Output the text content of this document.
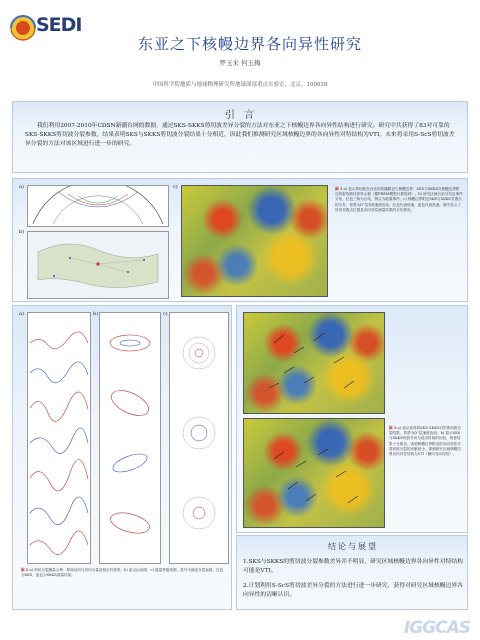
SEDI
东亚之下核幔边界各向异性研究
罗玉来 何玉梅
中国科学院地质与地球物理研究所地球深部重点实验室，北京，100029
引 言
我们利用2007-2010年CDSN新疆台网的数据，通过SKS-SKKS剪切波差异分裂的方法对东亚之下核幔边界各向异性结构进行研究。研究中共获得了83对可靠的SKS-SKKS剪切波分裂参数，结果表明SKS与SKKS剪切波分裂结果十分相近，因此我们推测研究区域核幔边界的各向异性对特结构为VTI。未来将采用S-ScS剪切波差异分裂的方法对该区域进行进一步的研究。
a)
b)
c)	图 1 a) 显示剪切波在台站的传播路径与核幔边界；SKS与SKKS在核幔边界附近的射线路径差异示意（据PREM模型计算得到）。b) 研究区域台站分布及事件分布，红色三角为台站，圆点为地震事件。c) 核幔边界附近SKS与SKKS穿透点的分布，背景为D''层S波速度扰动，红色代表低速，蓝色代表高速。图中显示了所有穿透点位置及各向异性测量结果的分布情况。
a)	b)	c)
图 2 a) 剪切分裂测量示例：原始径向与切向分量及校正后波形；b) 质点运动图；c) 能量等值线图，星号为最佳分裂参数，红色为SKS，蓝色为SKKS测量结果。
图 3 a) 表示获得的SKS-SKKS对的剪切波分裂结果，背景为D''层速度扰动；b) 显示SKS与SKKS快波方向与延迟时间的比较，两者结果十分相近，表明核幔边界附近的各向异性对剪切波分裂的贡献较小，推测研究区域核幔边界各向异性结构为VTI（横向各向同性）。
结论与展望
1.SKS与SKKS的剪切波分裂参数差异并不明显，研究区域核幔边界各向异性对特结构可能是VTI。
2.计划利用S-ScS剪切波差异分裂的方法进行进一步研究，获得对研究区域核幔边界各向异性的清晰认识。
IGGCAS
